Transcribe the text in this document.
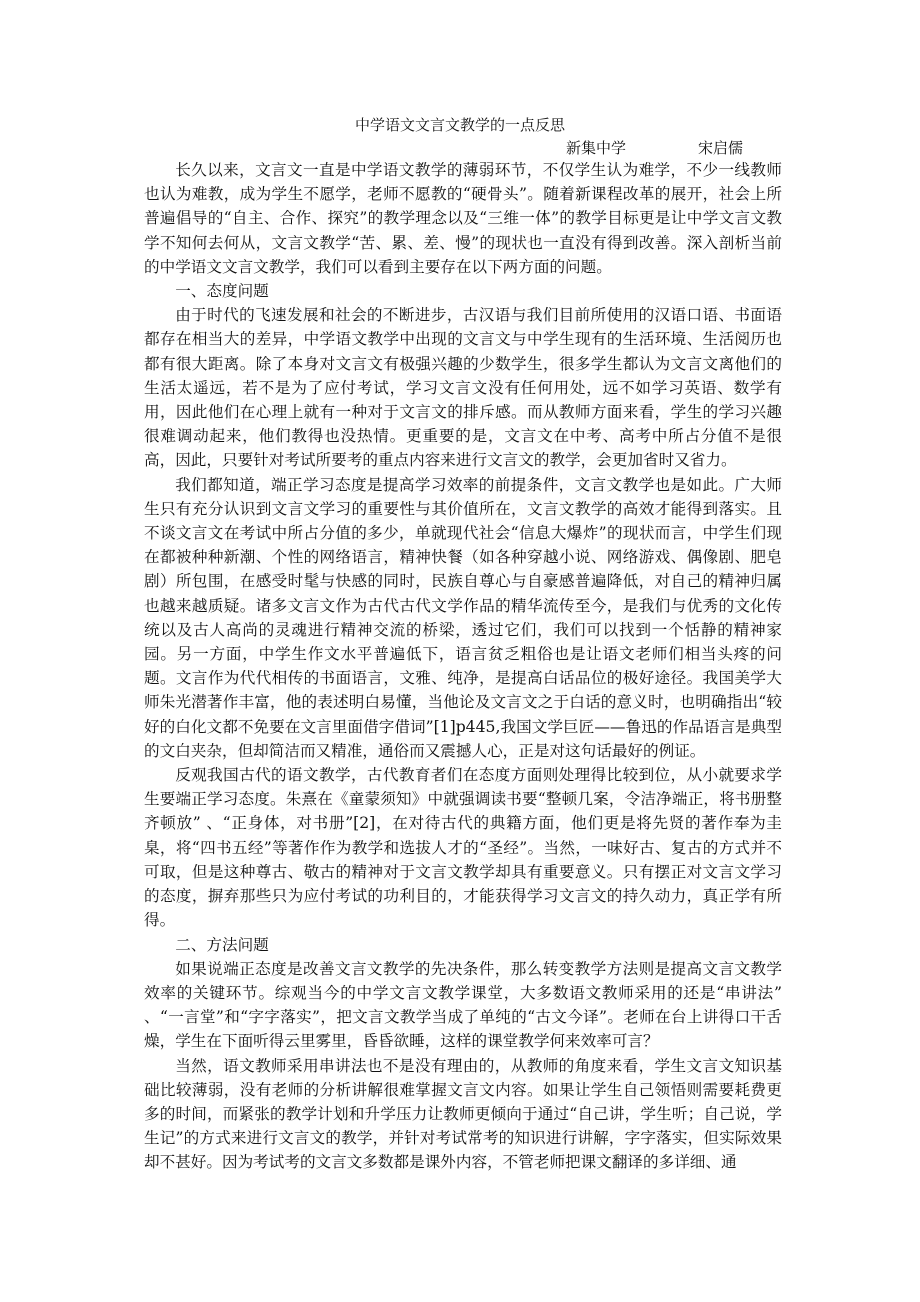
中学语文文言文教学的一点反思
新集中学	宋启儒

长久以来，文言文一直是中学语文教学的薄弱环节，不仅学生认为难学，不少一线教师也认为难教，成为学生不愿学，老师不愿教的“硬骨头”。随着新课程改革的展开，社会上所普遍倡导的“自主、合作、探究”的教学理念以及“三维一体”的教学目标更是让中学文言文教学不知何去何从，文言文教学“苦、累、差、慢”的现状也一直没有得到改善。深入剖析当前的中学语文文言文教学，我们可以看到主要存在以下两方面的问题。

一、态度问题

由于时代的飞速发展和社会的不断进步，古汉语与我们目前所使用的汉语口语、书面语都存在相当大的差异，中学语文教学中出现的文言文与中学生现有的生活环境、生活阅历也都有很大距离。除了本身对文言文有极强兴趣的少数学生，很多学生都认为文言文离他们的生活太遥远，若不是为了应付考试，学习文言文没有任何用处，远不如学习英语、数学有用，因此他们在心理上就有一种对于文言文的排斥感。而从教师方面来看，学生的学习兴趣很难调动起来，他们教得也没热情。更重要的是，文言文在中考、高考中所占分值不是很高，因此，只要针对考试所要考的重点内容来进行文言文的教学，会更加省时又省力。

我们都知道，端正学习态度是提高学习效率的前提条件，文言文教学也是如此。广大师生只有充分认识到文言文学习的重要性与其价值所在，文言文教学的高效才能得到落实。且不谈文言文在考试中所占分值的多少，单就现代社会“信息大爆炸”的现状而言，中学生们现在都被种种新潮、个性的网络语言，精神快餐（如各种穿越小说、网络游戏、偶像剧、肥皂剧）所包围，在感受时髦与快感的同时，民族自尊心与自豪感普遍降低，对自己的精神归属也越来越质疑。诸多文言文作为古代古代文学作品的精华流传至今，是我们与优秀的文化传统以及古人高尚的灵魂进行精神交流的桥梁，透过它们，我们可以找到一个恬静的精神家园。另一方面，中学生作文水平普遍低下，语言贫乏粗俗也是让语文老师们相当头疼的问题。文言作为代代相传的书面语言，文雅、纯净，是提高白话品位的极好途径。我国美学大师朱光潜著作丰富，他的表述明白易懂，当他论及文言文之于白话的意义时，也明确指出“较好的白化文都不免要在文言里面借字借词”[1]p445,我国文学巨匠——鲁迅的作品语言是典型的文白夹杂，但却简洁而又精准，通俗而又震撼人心，正是对这句话最好的例证。

反观我国古代的语文教学，古代教育者们在态度方面则处理得比较到位，从小就要求学生要端正学习态度。朱熹在《童蒙须知》中就强调读书要“整顿几案，令洁净端正，将书册整齐顿放” 、“正身体，对书册”[2]，在对待古代的典籍方面，他们更是将先贤的著作奉为圭臬，将“四书五经”等著作作为教学和选拔人才的“圣经”。当然，一味好古、复古的方式并不可取，但是这种尊古、敬古的精神对于文言文教学却具有重要意义。只有摆正对文言文学习的态度，摒弃那些只为应付考试的功利目的，才能获得学习文言文的持久动力，真正学有所得。

二、方法问题

如果说端正态度是改善文言文教学的先决条件，那么转变教学方法则是提高文言文教学效率的关键环节。综观当今的中学文言文教学课堂，大多数语文教师采用的还是“串讲法” 、“一言堂”和“字字落实”，把文言文教学当成了单纯的“古文今译”。老师在台上讲得口干舌燥，学生在下面听得云里雾里，昏昏欲睡，这样的课堂教学何来效率可言？

当然，语文教师采用串讲法也不是没有理由的，从教师的角度来看，学生文言文知识基础比较薄弱，没有老师的分析讲解很难掌握文言文内容。如果让学生自己领悟则需要耗费更多的时间，而紧张的教学计划和升学压力让教师更倾向于通过“自己讲，学生听；自己说，学生记”的方式来进行文言文的教学，并针对考试常考的知识进行讲解，字字落实，但实际效果却不甚好。因为考试考的文言文多数都是课外内容，不管老师把课文翻译的多详细、通
